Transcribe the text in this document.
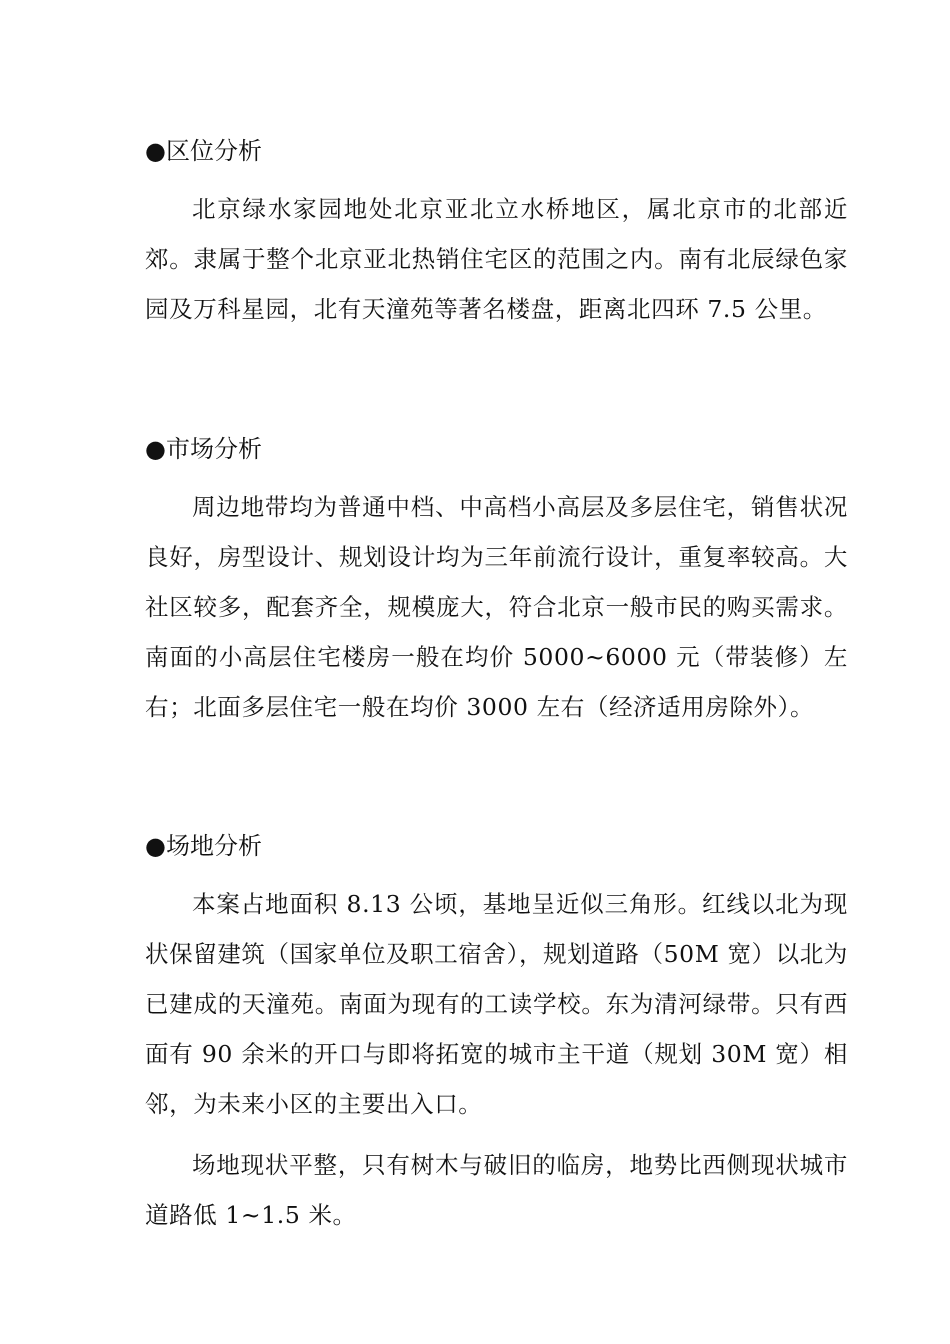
●区位分析

北京绿水家园地处北京亚北立水桥地区，属北京市的北部近郊。隶属于整个北京亚北热销住宅区的范围之内。南有北辰绿色家园及万科星园，北有天潼苑等著名楼盘，距离北四环 7.5 公里。

●市场分析

周边地带均为普通中档、中高档小高层及多层住宅，销售状况良好，房型设计、规划设计均为三年前流行设计，重复率较高。大社区较多，配套齐全，规模庞大，符合北京一般市民的购买需求。南面的小高层住宅楼房一般在均价 5000~6000 元（带装修）左右；北面多层住宅一般在均价 3000 左右（经济适用房除外）。

●场地分析

本案占地面积 8.13 公顷，基地呈近似三角形。红线以北为现状保留建筑（国家单位及职工宿舍），规划道路（50M 宽）以北为已建成的天潼苑。南面为现有的工读学校。东为清河绿带。只有西面有 90 余米的开口与即将拓宽的城市主干道（规划 30M 宽）相邻，为未来小区的主要出入口。

场地现状平整，只有树木与破旧的临房，地势比西侧现状城市道路低 1~1.5 米。
